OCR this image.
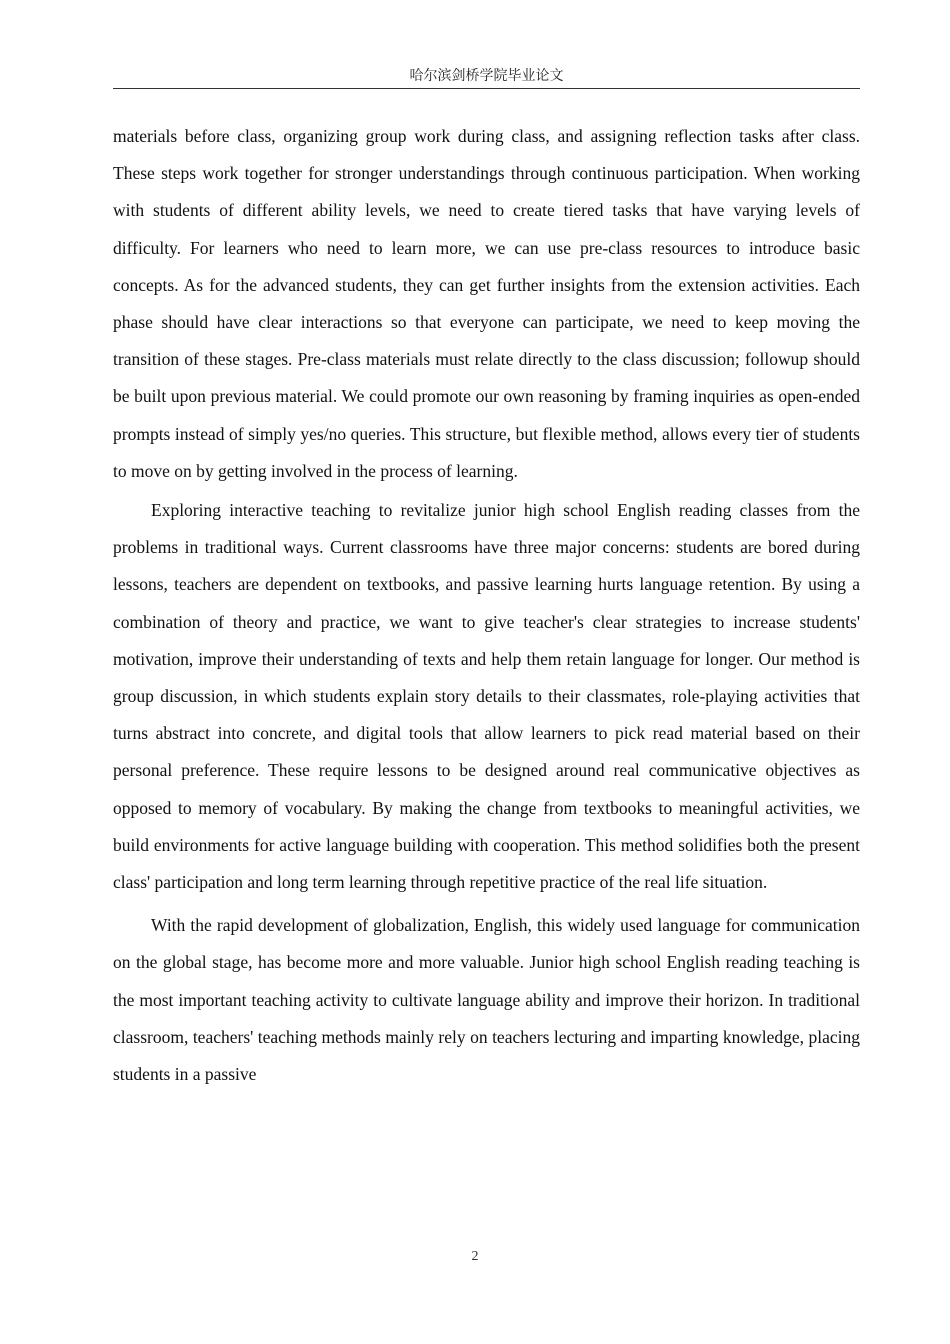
哈尔滨剑桥学院毕业论文

materials before class, organizing group work during class, and assigning reflection tasks after class. These steps work together for stronger understandings through continuous participation. When working with students of different ability levels, we need to create tiered tasks that have varying levels of difficulty. For learners who need to learn more, we can use pre-class resources to introduce basic concepts. As for the advanced students, they can get further insights from the extension activities. Each phase should have clear interactions so that everyone can participate, we need to keep moving the transition of these stages. Pre-class materials must relate directly to the class discussion; followup should be built upon previous material. We could promote our own reasoning by framing inquiries as open-ended prompts instead of simply yes/no queries. This structure, but flexible method, allows every tier of students to move on by getting involved in the process of learning.

Exploring interactive teaching to revitalize junior high school English reading classes from the problems in traditional ways. Current classrooms have three major concerns: students are bored during lessons, teachers are dependent on textbooks, and passive learning hurts language retention. By using a combination of theory and practice, we want to give teacher's clear strategies to increase students' motivation, improve their understanding of texts and help them retain language for longer. Our method is group discussion, in which students explain story details to their classmates, role-playing activities that turns abstract into concrete, and digital tools that allow learners to pick read material based on their personal preference. These require lessons to be designed around real communicative objectives as opposed to memory of vocabulary. By making the change from textbooks to meaningful activities, we build environments for active language building with cooperation. This method solidifies both the present class' participation and long term learning through repetitive practice of the real life situation.

With the rapid development of globalization, English, this widely used language for communication on the global stage, has become more and more valuable. Junior high school English reading teaching is the most important teaching activity to cultivate language ability and improve their horizon. In traditional classroom, teachers' teaching methods mainly rely on teachers lecturing and imparting knowledge, placing students in a passive

2
